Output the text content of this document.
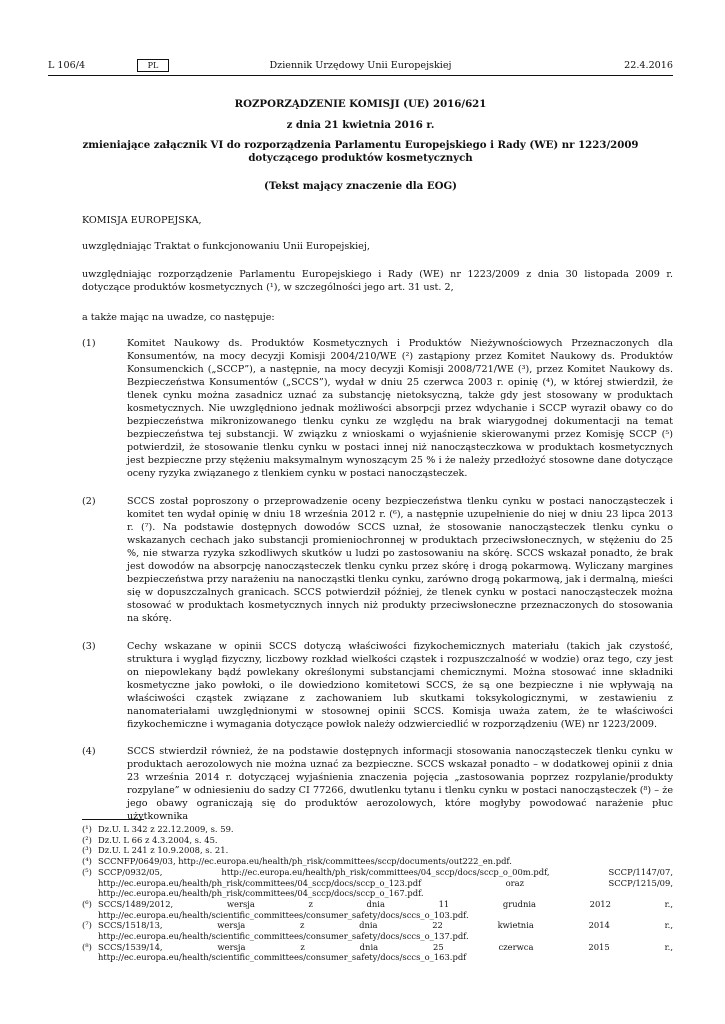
L 106/4	PL	Dziennik Urzędowy Unii Europejskiej	22.4.2016
ROZPORZĄDZENIE KOMISJI (UE) 2016/621
z dnia 21 kwietnia 2016 r.
zmieniające załącznik VI do rozporządzenia Parlamentu Europejskiego i Rady (WE) nr 1223/2009 dotyczącego produktów kosmetycznych
(Tekst mający znaczenie dla EOG)
KOMISJA EUROPEJSKA,
uwzględniając Traktat o funkcjonowaniu Unii Europejskiej,
uwzględniając rozporządzenie Parlamentu Europejskiego i Rady (WE) nr 1223/2009 z dnia 30 listopada 2009 r. dotyczące produktów kosmetycznych (¹), w szczególności jego art. 31 ust. 2,
a także mając na uwadze, co następuje:
(1)	Komitet Naukowy ds. Produktów Kosmetycznych i Produktów Nieżywnościowych Przeznaczonych dla Konsumentów, na mocy decyzji Komisji 2004/210/WE (²) zastąpiony przez Komitet Naukowy ds. Produktów Konsumenckich („SCCP”), a następnie, na mocy decyzji Komisji 2008/721/WE (³), przez Komitet Naukowy ds. Bezpieczeństwa Konsumentów („SCCS”), wydał w dniu 25 czerwca 2003 r. opinię (⁴), w której stwierdził, że tlenek cynku można zasadnicz uznać za substancję nietoksyczną, także gdy jest stosowany w produktach kosmetycznych. Nie uwzględniono jednak możliwości absorpcji przez wdychanie i SCCP wyraził obawy co do bezpieczeństwa mikronizowanego tlenku cynku ze względu na brak wiarygodnej dokumentacji na temat bezpieczeństwa tej substancji. W związku z wnioskami o wyjaśnienie skierowanymi przez Komisję SCCP (⁵) potwierdził, że stosowanie tlenku cynku w postaci innej niż nanocząsteczkowa w produktach kosmetycznych jest bezpieczne przy stężeniu maksymalnym wynoszącym 25 % i że należy przedłożyć stosowne dane dotyczące oceny ryzyka związanego z tlenkiem cynku w postaci nanocząsteczek.
(2)	SCCS został poproszony o przeprowadzenie oceny bezpieczeństwa tlenku cynku w postaci nanocząsteczek i komitet ten wydał opinię w dniu 18 września 2012 r. (⁶), a następnie uzupełnienie do niej w dniu 23 lipca 2013 r. (⁷). Na podstawie dostępnych dowodów SCCS uznał, że stosowanie nanocząsteczek tlenku cynku o wskazanych cechach jako substancji promieniochronnej w produktach przeciwsłonecznych, w stężeniu do 25 %, nie stwarza ryzyka szkodliwych skutków u ludzi po zastosowaniu na skórę. SCCS wskazał ponadto, że brak jest dowodów na absorpcję nanocząsteczek tlenku cynku przez skórę i drogą pokarmową. Wyliczany margines bezpieczeństwa przy narażeniu na nanocząstki tlenku cynku, zarówno drogą pokarmową, jak i dermalną, mieści się w dopuszczalnych granicach. SCCS potwierdził później, że tlenek cynku w postaci nanocząsteczek można stosować w produktach kosmetycznych innych niż produkty przeciwsłoneczne przeznaczonych do stosowania na skórę.
(3)	Cechy wskazane w opinii SCCS dotyczą właściwości fizykochemicznych materiału (takich jak czystość, struktura i wygląd fizyczny, liczbowy rozkład wielkości cząstek i rozpuszczalność w wodzie) oraz tego, czy jest on niepowlekany bądź powlekany określonymi substancjami chemicznymi. Można stosować inne składniki kosmetyczne jako powłoki, o ile dowiedziono komitetowi SCCS, że są one bezpieczne i nie wpływają na właściwości cząstek związane z zachowaniem lub skutkami toksykologicznymi, w zestawieniu z nanomateriałami uwzględnionymi w stosownej opinii SCCS. Komisja uważa zatem, że te właściwości fizykochemiczne i wymagania dotyczące powłok należy odzwierciedlić w rozporządzeniu (WE) nr 1223/2009.
(4)	SCCS stwierdził również, że na podstawie dostępnych informacji stosowania nanocząsteczek tlenku cynku w produktach aerozolowych nie można uznać za bezpieczne. SCCS wskazał ponadto – w dodatkowej opinii z dnia 23 września 2014 r. dotyczącej wyjaśnienia znaczenia pojęcia „zastosowania poprzez rozpylanie/produkty rozpylane” w odniesieniu do sadzy CI 77266, dwutlenku tytanu i tlenku cynku w postaci nanocząsteczek (⁸) – że jego obawy ograniczają się do produktów aerozolowych, które mogłyby powodować narażenie płuc użytkownika
(¹) Dz.U. L 342 z 22.12.2009, s. 59.
(²) Dz.U. L 66 z 4.3.2004, s. 45.
(³) Dz.U. L 241 z 10.9.2008, s. 21.
(⁴) SCCNFP/0649/03, http://ec.europa.eu/health/ph_risk/committees/sccp/documents/out222_en.pdf.
(⁵) SCCP/0932/05, http://ec.europa.eu/health/ph_risk/committees/04_sccp/docs/sccp_o_00m.pdf, SCCP/1147/07, http://ec.europa.eu/health/ph_risk/committees/04_sccp/docs/sccp_o_123.pdf oraz SCCP/1215/09, http://ec.europa.eu/health/ph_risk/committees/04_sccp/docs/sccp_o_167.pdf.
(⁶) SCCS/1489/2012, wersja z dnia 11 grudnia 2012 r., http://ec.europa.eu/health/scientific_committees/consumer_safety/docs/sccs_o_103.pdf.
(⁷) SCCS/1518/13, wersja z dnia 22 kwietnia 2014 r., http://ec.europa.eu/health/scientific_committees/consumer_safety/docs/sccs_o_137.pdf.
(⁸) SCCS/1539/14, wersja z dnia 25 czerwca 2015 r., http://ec.europa.eu/health/scientific_committees/consumer_safety/docs/sccs_o_163.pdf
